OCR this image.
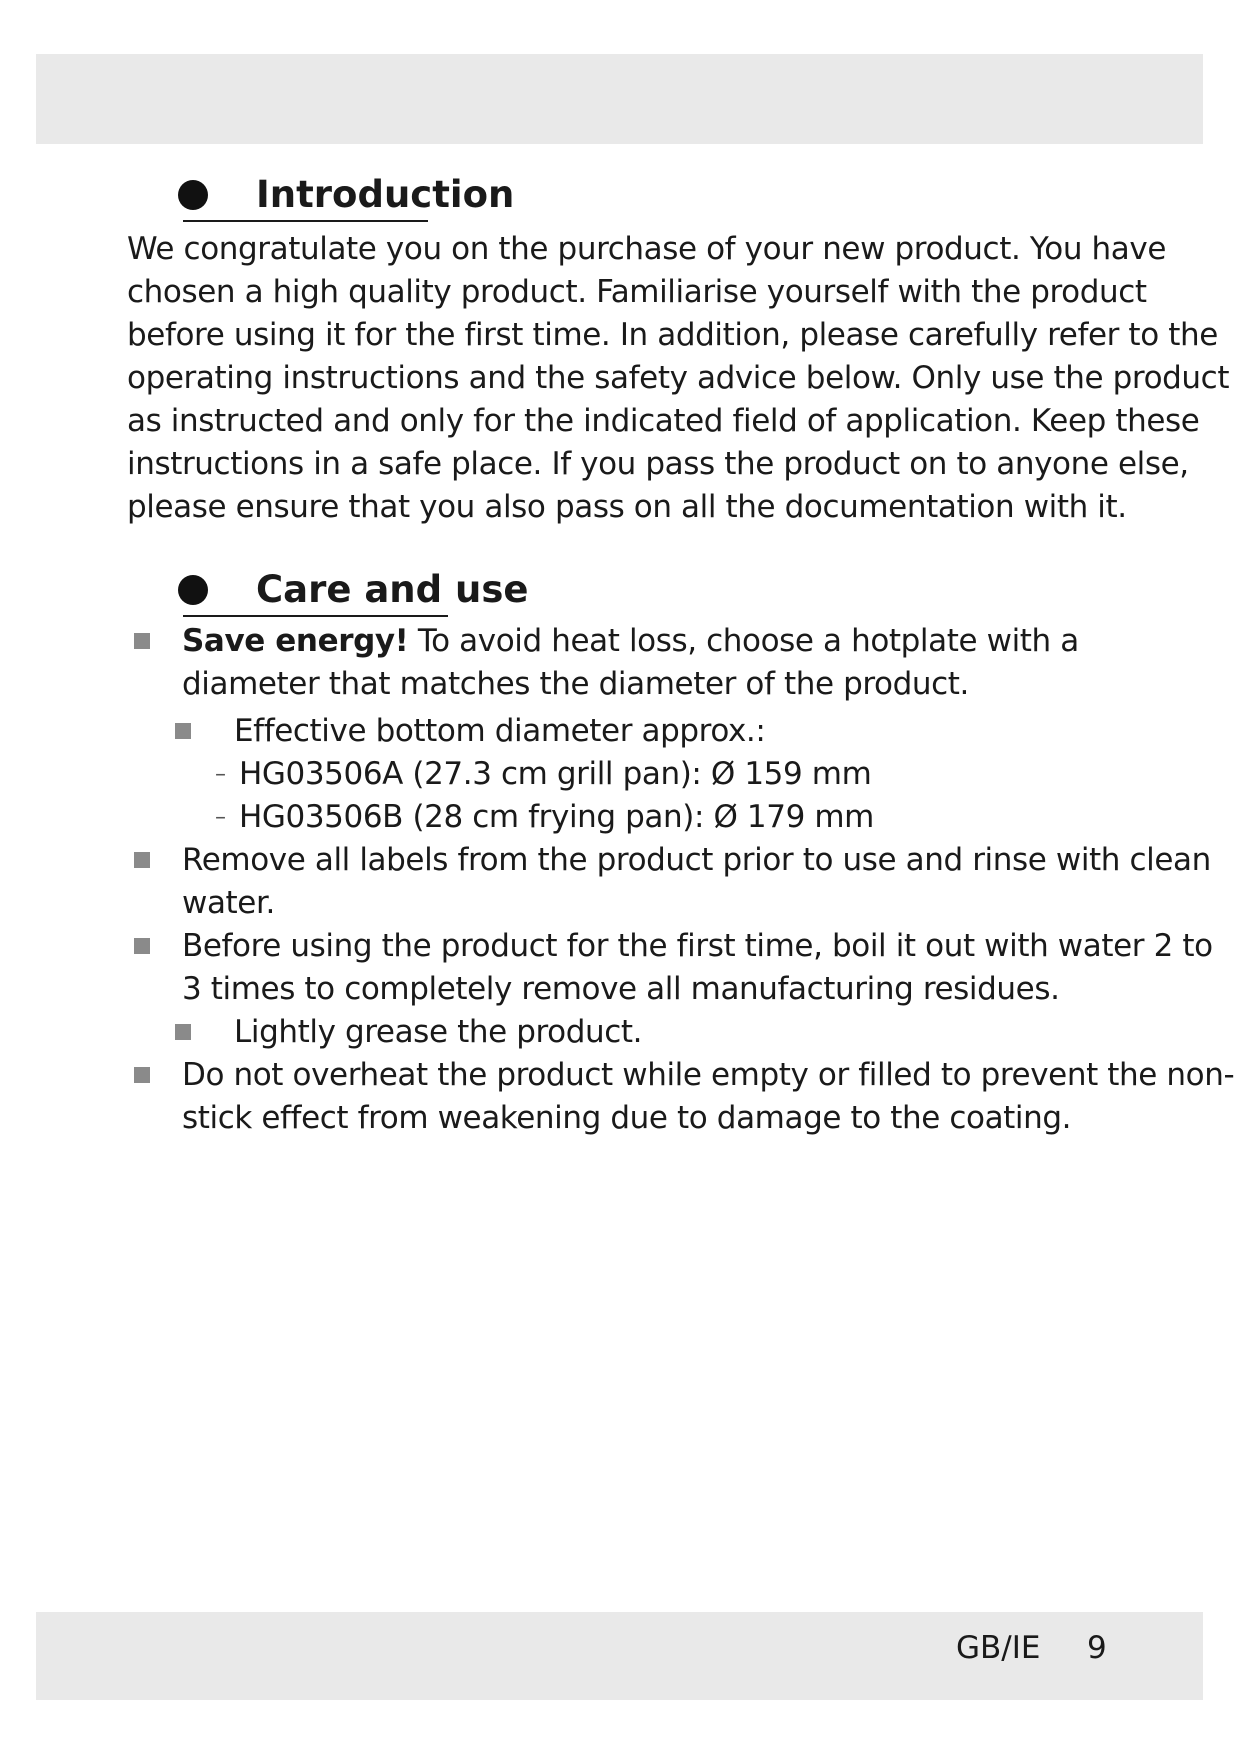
Introduction
We congratulate you on the purchase of your new product. You have
chosen a high quality product. Familiarise yourself with the product
before using it for the first time. In addition, please carefully refer to the
operating instructions and the safety advice below. Only use the product
as instructed and only for the indicated field of application. Keep these
instructions in a safe place. If you pass the product on to anyone else,
please ensure that you also pass on all the documentation with it.
Care and use
Save energy! To avoid heat loss, choose a hotplate with a
diameter that matches the diameter of the product.
Effective bottom diameter approx.:
– HG03506A (27.3 cm grill pan): Ø 159 mm
– HG03506B (28 cm frying pan): Ø 179 mm
Remove all labels from the product prior to use and rinse with clean
water.
Before using the product for the first time, boil it out with water 2 to
3 times to completely remove all manufacturing residues.
Lightly grease the product.
Do not overheat the product while empty or filled to prevent the non-
stick effect from weakening due to damage to the coating.
GB/IE 9
